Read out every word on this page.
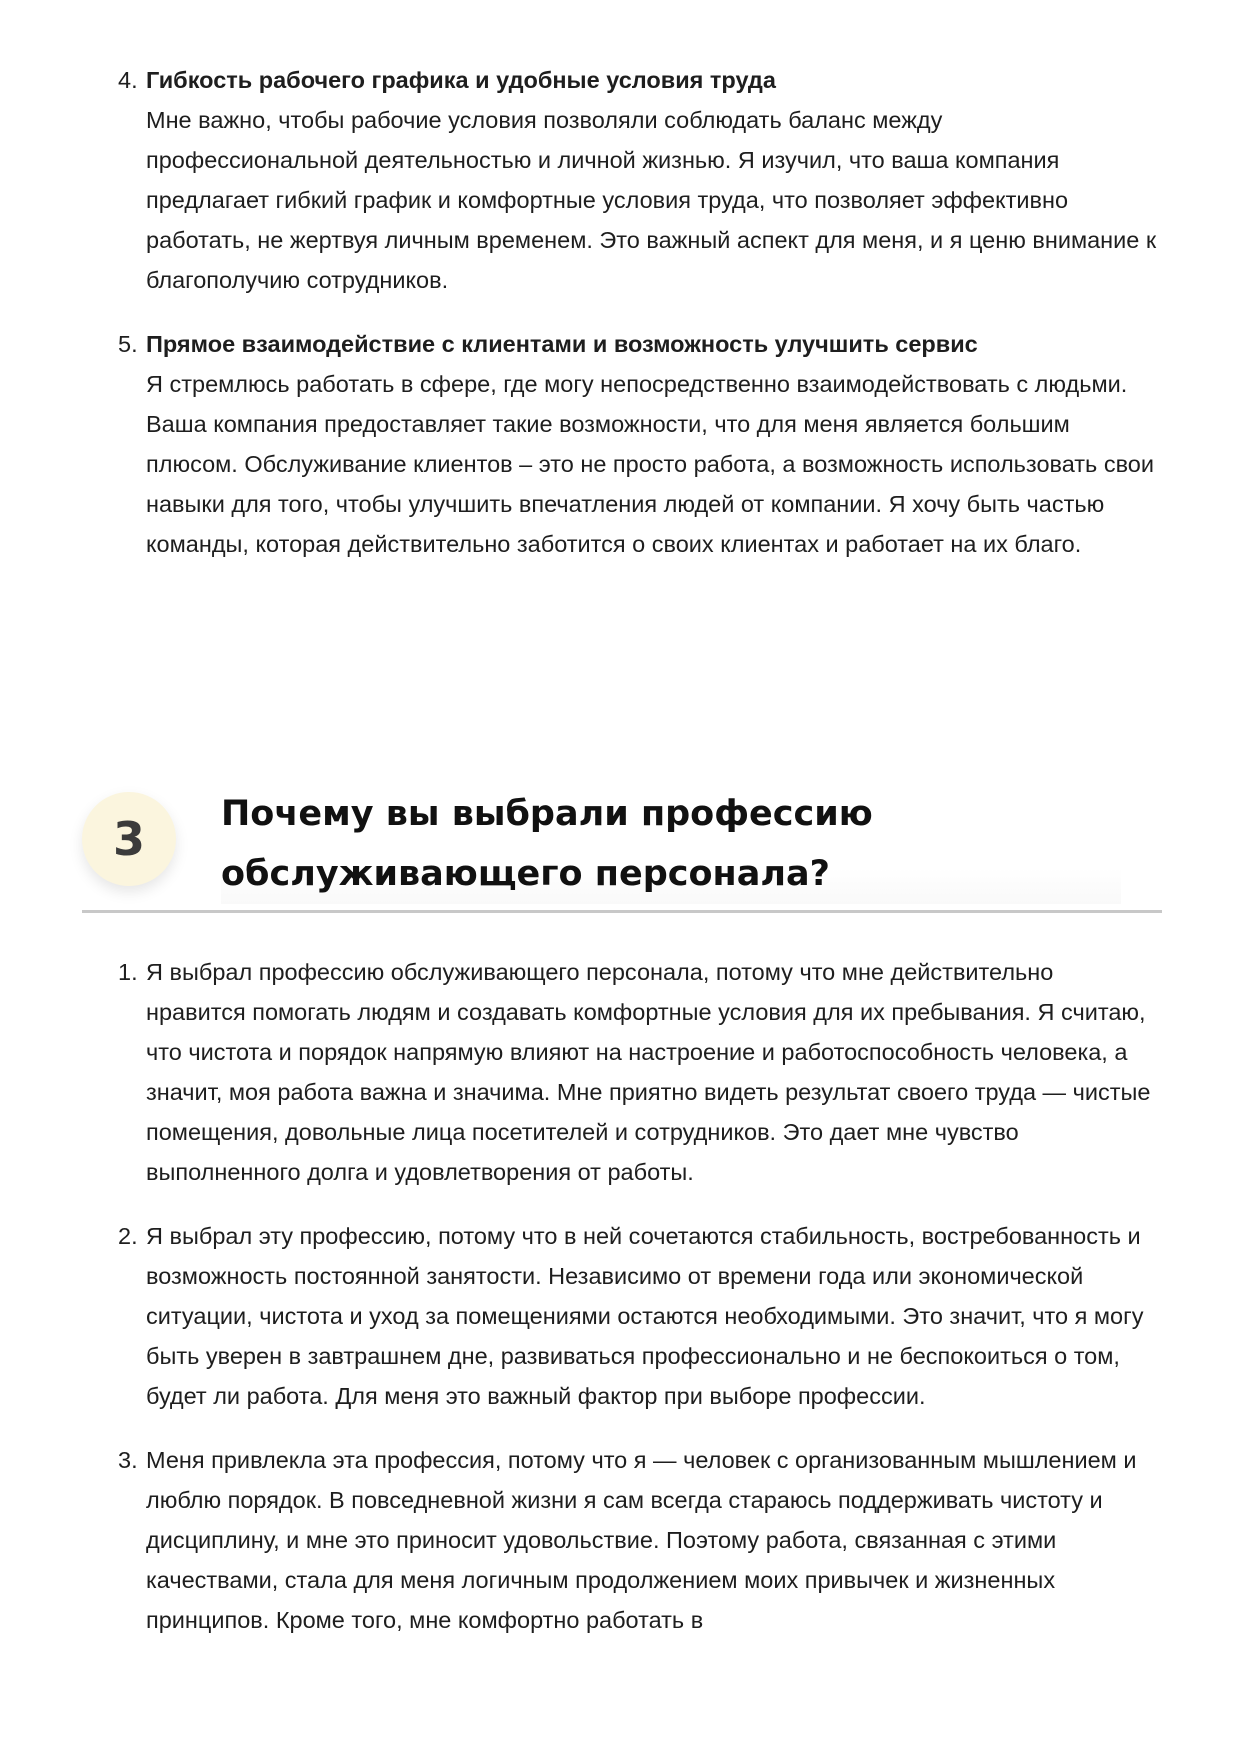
4. Гибкость рабочего графика и удобные условия труда
Мне важно, чтобы рабочие условия позволяли соблюдать баланс между профессиональной деятельностью и личной жизнью. Я изучил, что ваша компания предлагает гибкий график и комфортные условия труда, что позволяет эффективно работать, не жертвуя личным временем. Это важный аспект для меня, и я ценю внимание к благополучию сотрудников.
5. Прямое взаимодействие с клиентами и возможность улучшить сервис
Я стремлюсь работать в сфере, где могу непосредственно взаимодействовать с людьми. Ваша компания предоставляет такие возможности, что для меня является большим плюсом. Обслуживание клиентов – это не просто работа, а возможность использовать свои навыки для того, чтобы улучшить впечатления людей от компании. Я хочу быть частью команды, которая действительно заботится о своих клиентах и работает на их благо.
3	Почему вы выбрали профессию
обслуживающего персонала?
1. Я выбрал профессию обслуживающего персонала, потому что мне действительно нравится помогать людям и создавать комфортные условия для их пребывания. Я считаю, что чистота и порядок напрямую влияют на настроение и работоспособность человека, а значит, моя работа важна и значима. Мне приятно видеть результат своего труда — чистые помещения, довольные лица посетителей и сотрудников. Это дает мне чувство выполненного долга и удовлетворения от работы.
2. Я выбрал эту профессию, потому что в ней сочетаются стабильность, востребованность и возможность постоянной занятости. Независимо от времени года или экономической ситуации, чистота и уход за помещениями остаются необходимыми. Это значит, что я могу быть уверен в завтрашнем дне, развиваться профессионально и не беспокоиться о том, будет ли работа. Для меня это важный фактор при выборе профессии.
3. Меня привлекла эта профессия, потому что я — человек с организованным мышлением и люблю порядок. В повседневной жизни я сам всегда стараюсь поддерживать чистоту и дисциплину, и мне это приносит удовольствие. Поэтому работа, связанная с этими качествами, стала для меня логичным продолжением моих привычек и жизненных принципов. Кроме того, мне комфортно работать в
